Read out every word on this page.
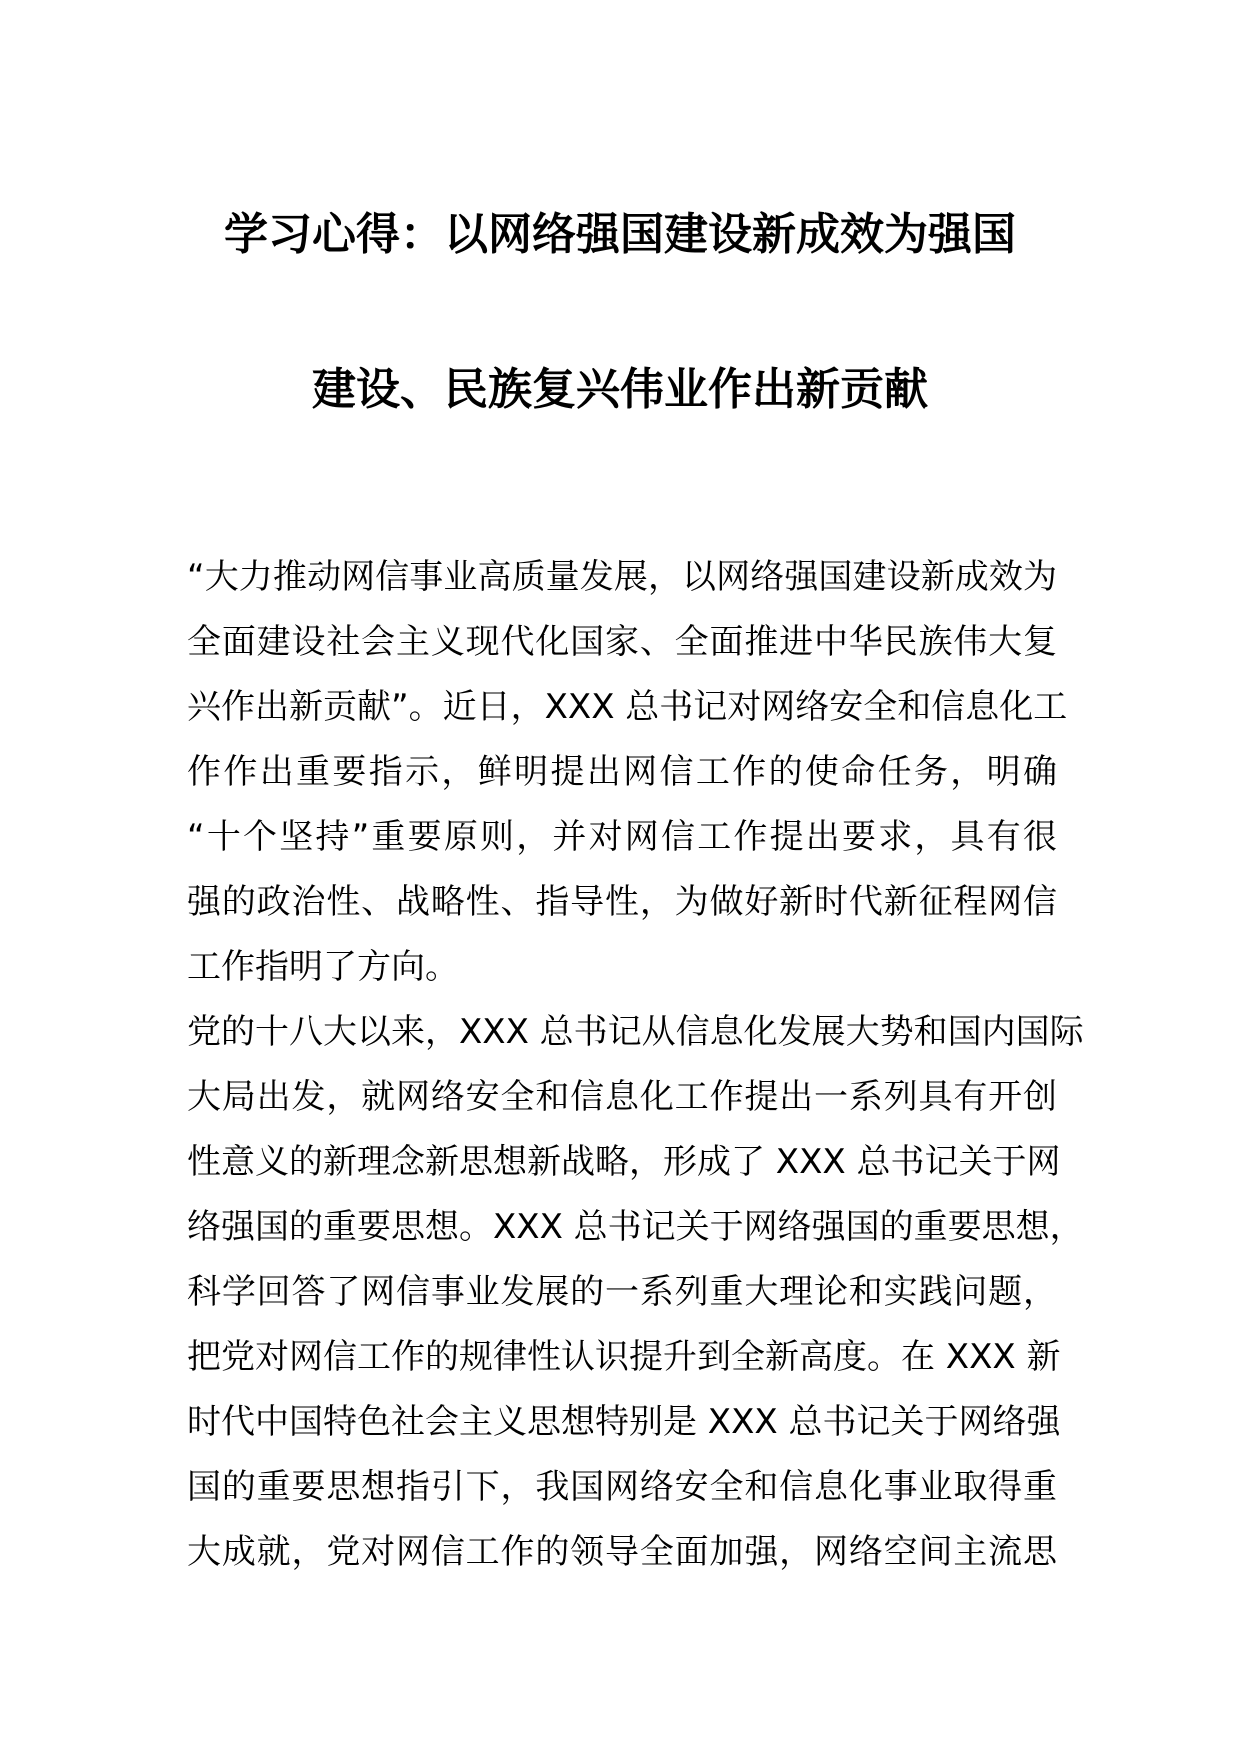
学习心得：以网络强国建设新成效为强国
建设、民族复兴伟业作出新贡献
“大力推动网信事业高质量发展，以网络强国建设新成效为
全面建设社会主义现代化国家、全面推进中华民族伟大复
兴作出新贡献”。近日，XXX 总书记对网络安全和信息化工
作作出重要指示，鲜明提出网信工作的使命任务，明确
“十个坚持”重要原则，并对网信工作提出要求，具有很
强的政治性、战略性、指导性，为做好新时代新征程网信
工作指明了方向。
党的十八大以来，XXX 总书记从信息化发展大势和国内国际
大局出发，就网络安全和信息化工作提出一系列具有开创
性意义的新理念新思想新战略，形成了 XXX 总书记关于网
络强国的重要思想。XXX 总书记关于网络强国的重要思想，
科学回答了网信事业发展的一系列重大理论和实践问题，
把党对网信工作的规律性认识提升到全新高度。在 XXX 新
时代中国特色社会主义思想特别是 XXX 总书记关于网络强
国的重要思想指引下，我国网络安全和信息化事业取得重
大成就，党对网信工作的领导全面加强，网络空间主流思
